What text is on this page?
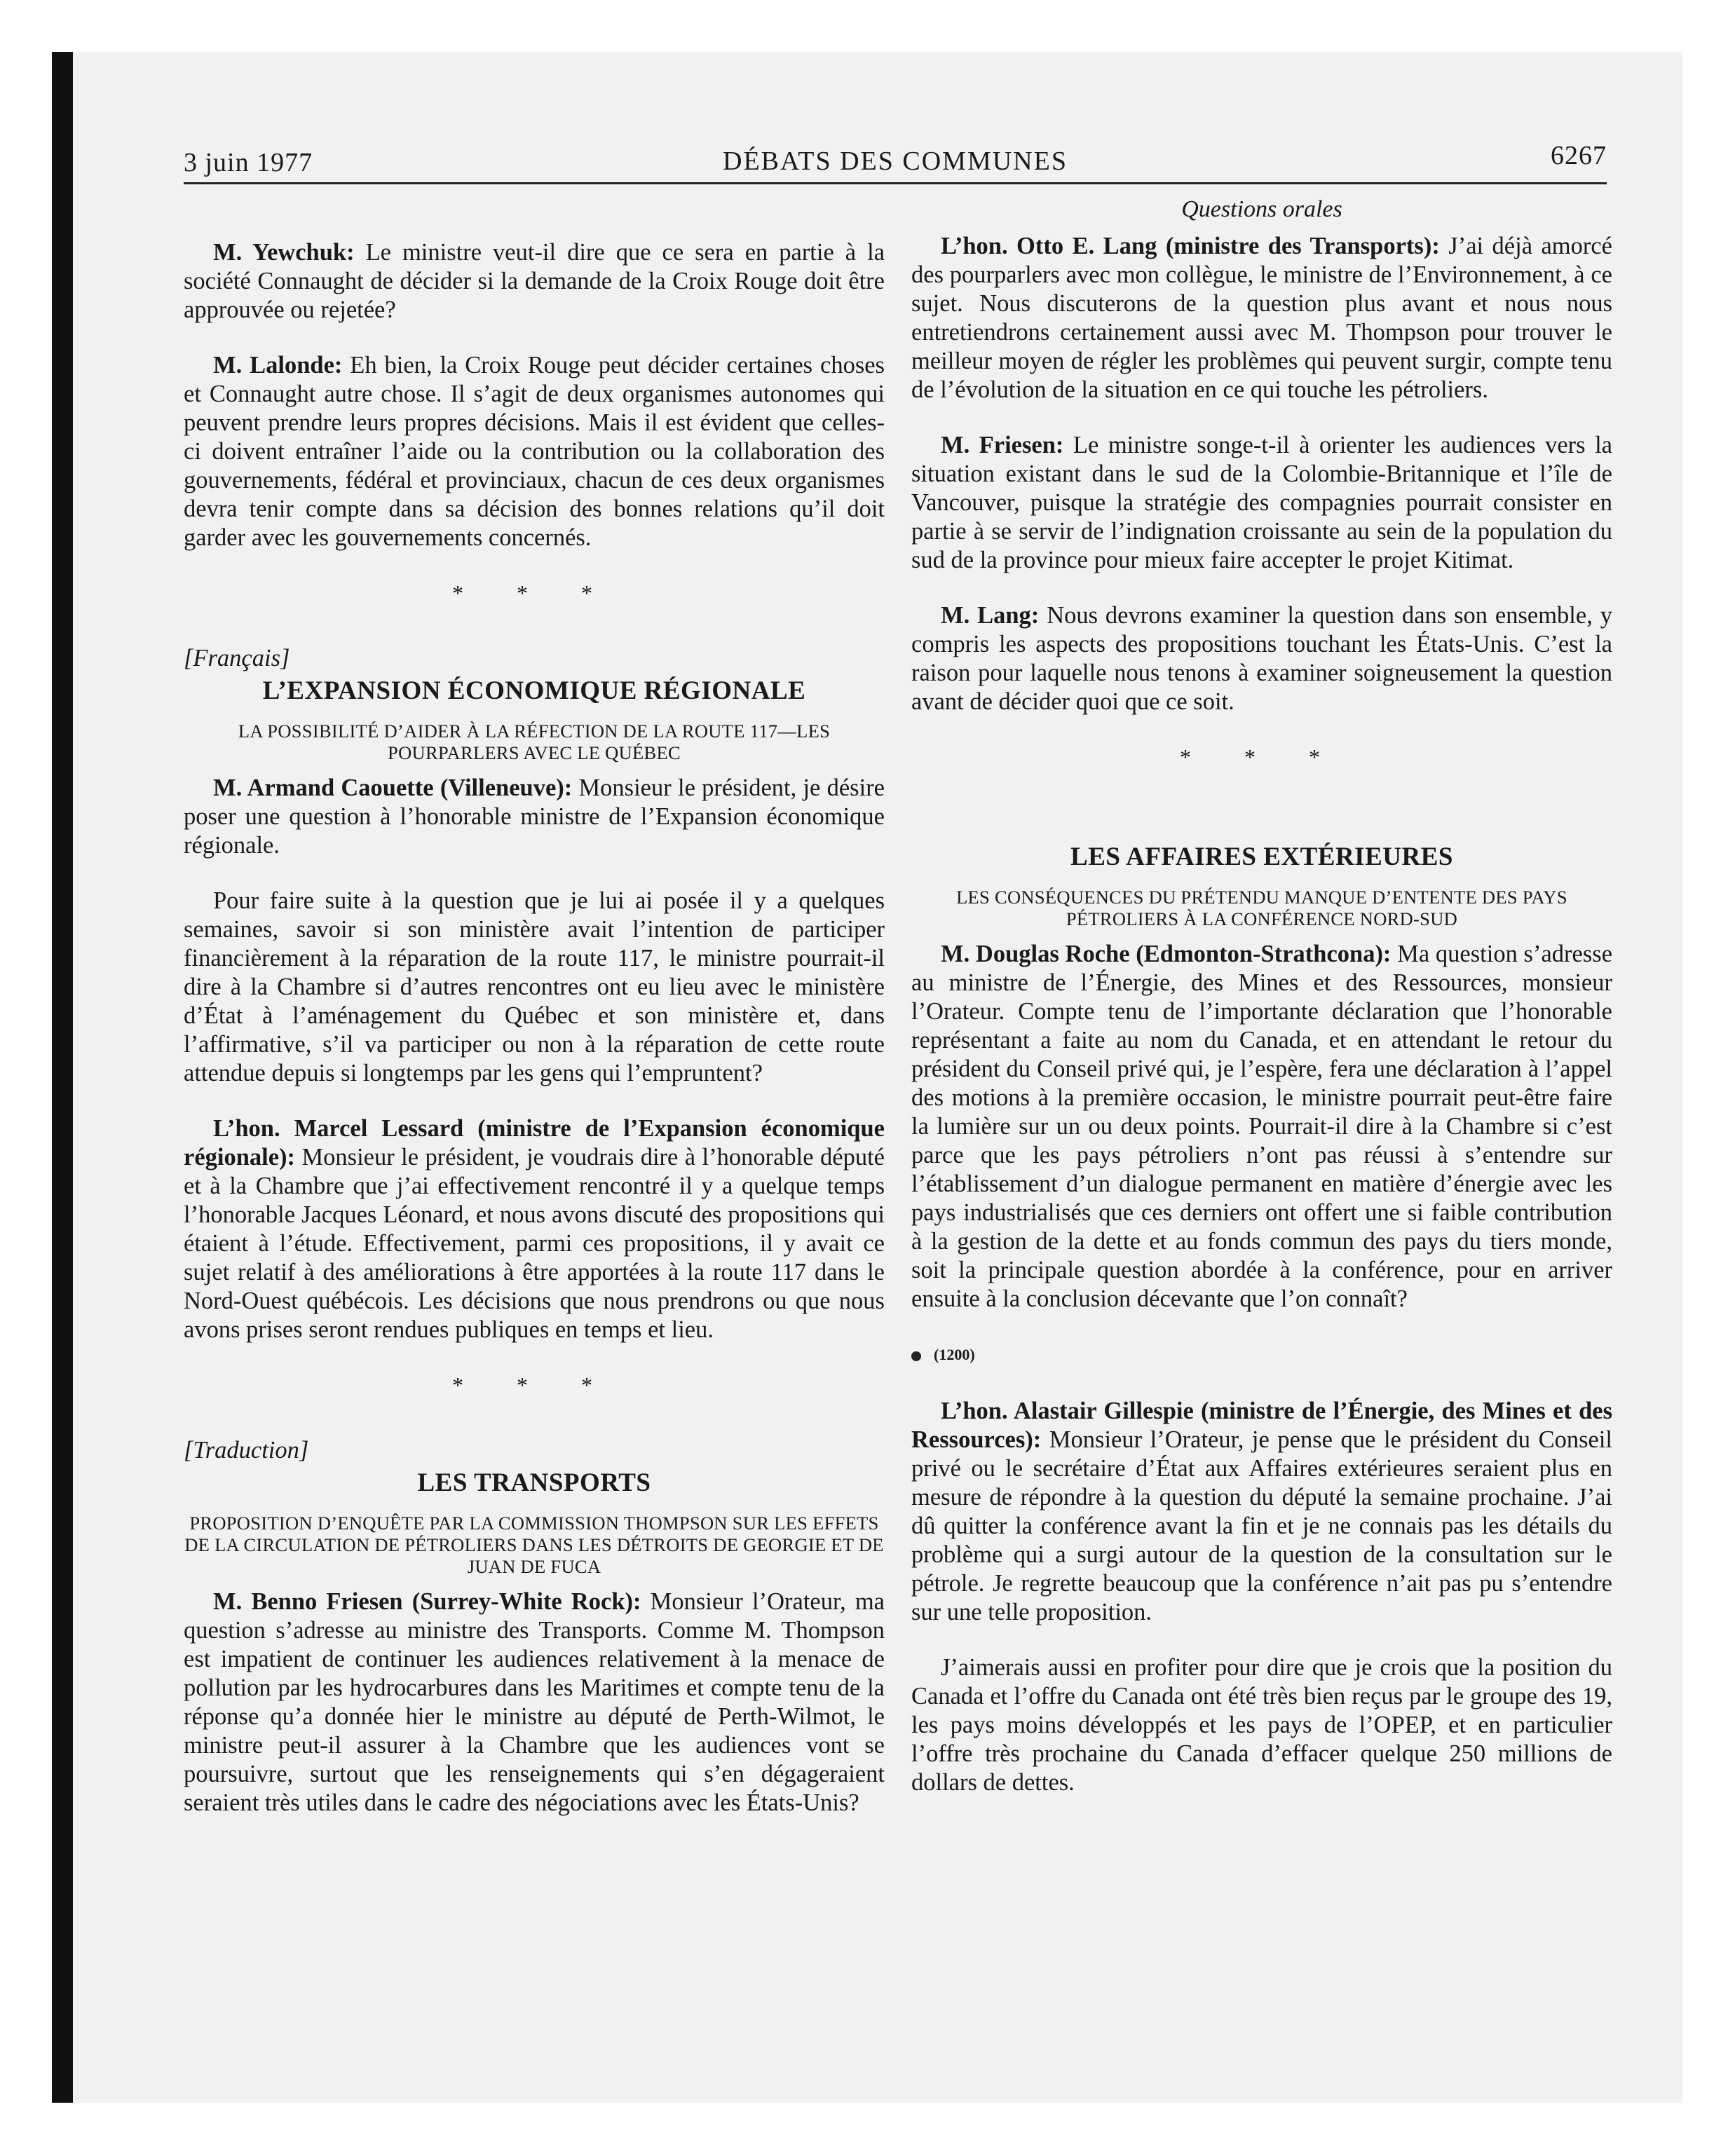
3 juin 1977	DÉBATS DES COMMUNES	6267

M. Yewchuk: Le ministre veut-il dire que ce sera en partie à la société Connaught de décider si la demande de la Croix Rouge doit être approuvée ou rejetée?

M. Lalonde: Eh bien, la Croix Rouge peut décider certaines choses et Connaught autre chose. Il s’agit de deux organismes autonomes qui peuvent prendre leurs propres décisions. Mais il est évident que celles-ci doivent entraîner l’aide ou la contribution ou la collaboration des gouvernements, fédéral et provinciaux, chacun de ces deux organismes devra tenir compte dans sa décision des bonnes relations qu’il doit garder avec les gouvernements concernés.

* * *
[Français]
L’EXPANSION ÉCONOMIQUE RÉGIONALE
LA POSSIBILITÉ D’AIDER À LA RÉFECTION DE LA ROUTE 117—LES POURPARLERS AVEC LE QUÉBEC

M. Armand Caouette (Villeneuve): Monsieur le président, je désire poser une question à l’honorable ministre de l’Expansion économique régionale.

Pour faire suite à la question que je lui ai posée il y a quelques semaines, savoir si son ministère avait l’intention de participer financièrement à la réparation de la route 117, le ministre pourrait-il dire à la Chambre si d’autres rencontres ont eu lieu avec le ministère d’État à l’aménagement du Québec et son ministère et, dans l’affirmative, s’il va participer ou non à la réparation de cette route attendue depuis si longtemps par les gens qui l’empruntent?

L’hon. Marcel Lessard (ministre de l’Expansion économique régionale): Monsieur le président, je voudrais dire à l’honorable député et à la Chambre que j’ai effectivement rencontré il y a quelque temps l’honorable Jacques Léonard, et nous avons discuté des propositions qui étaient à l’étude. Effectivement, parmi ces propositions, il y avait ce sujet relatif à des améliorations à être apportées à la route 117 dans le Nord-Ouest québécois. Les décisions que nous prendrons ou que nous avons prises seront rendues publiques en temps et lieu.

* * *
[Traduction]
LES TRANSPORTS
PROPOSITION D’ENQUÊTE PAR LA COMMISSION THOMPSON SUR LES EFFETS DE LA CIRCULATION DE PÉTROLIERS DANS LES DÉTROITS DE GEORGIE ET DE JUAN DE FUCA

M. Benno Friesen (Surrey-White Rock): Monsieur l’Orateur, ma question s’adresse au ministre des Transports. Comme M. Thompson est impatient de continuer les audiences relativement à la menace de pollution par les hydrocarbures dans les Maritimes et compte tenu de la réponse qu’a donnée hier le ministre au député de Perth-Wilmot, le ministre peut-il assurer à la Chambre que les audiences vont se poursuivre, surtout que les renseignements qui s’en dégageraient seraient très utiles dans le cadre des négociations avec les États-Unis?

Questions orales

L’hon. Otto E. Lang (ministre des Transports): J’ai déjà amorcé des pourparlers avec mon collègue, le ministre de l’Environnement, à ce sujet. Nous discuterons de la question plus avant et nous nous entretiendrons certainement aussi avec M. Thompson pour trouver le meilleur moyen de régler les problèmes qui peuvent surgir, compte tenu de l’évolution de la situation en ce qui touche les pétroliers.

M. Friesen: Le ministre songe-t-il à orienter les audiences vers la situation existant dans le sud de la Colombie-Britannique et l’île de Vancouver, puisque la stratégie des compagnies pourrait consister en partie à se servir de l’indignation croissante au sein de la population du sud de la province pour mieux faire accepter le projet Kitimat.

M. Lang: Nous devrons examiner la question dans son ensemble, y compris les aspects des propositions touchant les États-Unis. C’est la raison pour laquelle nous tenons à examiner soigneusement la question avant de décider quoi que ce soit.

* * *
LES AFFAIRES EXTÉRIEURES
LES CONSÉQUENCES DU PRÉTENDU MANQUE D’ENTENTE DES PAYS PÉTROLIERS À LA CONFÉRENCE NORD-SUD

M. Douglas Roche (Edmonton-Strathcona): Ma question s’adresse au ministre de l’Énergie, des Mines et des Ressources, monsieur l’Orateur. Compte tenu de l’importante déclaration que l’honorable représentant a faite au nom du Canada, et en attendant le retour du président du Conseil privé qui, je l’espère, fera une déclaration à l’appel des motions à la première occasion, le ministre pourrait peut-être faire la lumière sur un ou deux points. Pourrait-il dire à la Chambre si c’est parce que les pays pétroliers n’ont pas réussi à s’entendre sur l’établissement d’un dialogue permanent en matière d’énergie avec les pays industrialisés que ces derniers ont offert une si faible contribution à la gestion de la dette et au fonds commun des pays du tiers monde, soit la principale question abordée à la conférence, pour en arriver ensuite à la conclusion décevante que l’on connaît?

(1200)

L’hon. Alastair Gillespie (ministre de l’Énergie, des Mines et des Ressources): Monsieur l’Orateur, je pense que le président du Conseil privé ou le secrétaire d’État aux Affaires extérieures seraient plus en mesure de répondre à la question du député la semaine prochaine. J’ai dû quitter la conférence avant la fin et je ne connais pas les détails du problème qui a surgi autour de la question de la consultation sur le pétrole. Je regrette beaucoup que la conférence n’ait pas pu s’entendre sur une telle proposition.

J’aimerais aussi en profiter pour dire que je crois que la position du Canada et l’offre du Canada ont été très bien reçus par le groupe des 19, les pays moins développés et les pays de l’OPEP, et en particulier l’offre très prochaine du Canada d’effacer quelque 250 millions de dollars de dettes.
